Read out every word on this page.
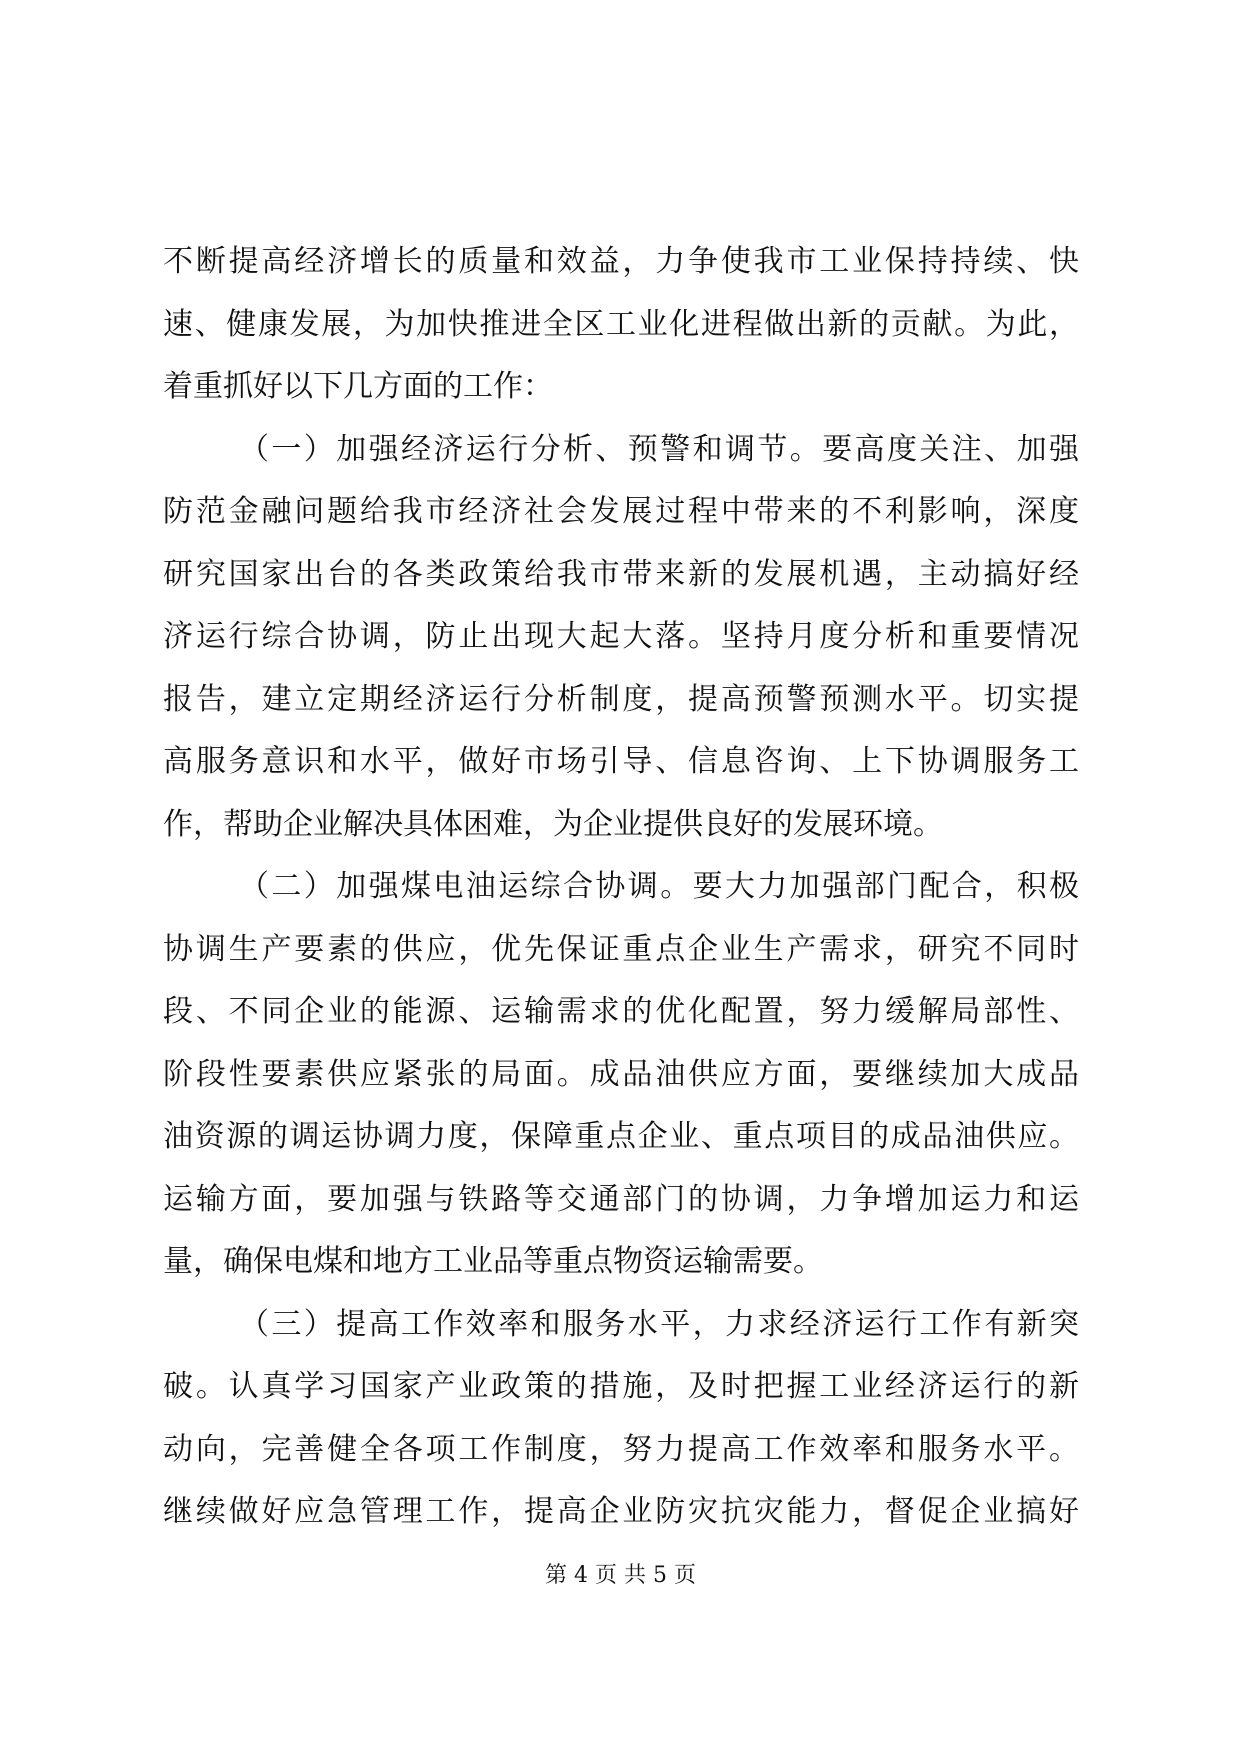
不断提高经济增长的质量和效益，力争使我市工业保持持续、快
速、健康发展，为加快推进全区工业化进程做出新的贡献。为此，
着重抓好以下几方面的工作：
（一）加强经济运行分析、预警和调节。要高度关注、加强
防范金融问题给我市经济社会发展过程中带来的不利影响，深度
研究国家出台的各类政策给我市带来新的发展机遇，主动搞好经
济运行综合协调，防止出现大起大落。坚持月度分析和重要情况
报告，建立定期经济运行分析制度，提高预警预测水平。切实提
高服务意识和水平，做好市场引导、信息咨询、上下协调服务工
作，帮助企业解决具体困难，为企业提供良好的发展环境。
（二）加强煤电油运综合协调。要大力加强部门配合，积极
协调生产要素的供应，优先保证重点企业生产需求，研究不同时
段、不同企业的能源、运输需求的优化配置，努力缓解局部性、
阶段性要素供应紧张的局面。成品油供应方面，要继续加大成品
油资源的调运协调力度，保障重点企业、重点项目的成品油供应。
运输方面，要加强与铁路等交通部门的协调，力争增加运力和运
量，确保电煤和地方工业品等重点物资运输需要。
（三）提高工作效率和服务水平，力求经济运行工作有新突
破。认真学习国家产业政策的措施，及时把握工业经济运行的新
动向，完善健全各项工作制度，努力提高工作效率和服务水平。
继续做好应急管理工作，提高企业防灾抗灾能力，督促企业搞好
第 4 页 共 5 页
